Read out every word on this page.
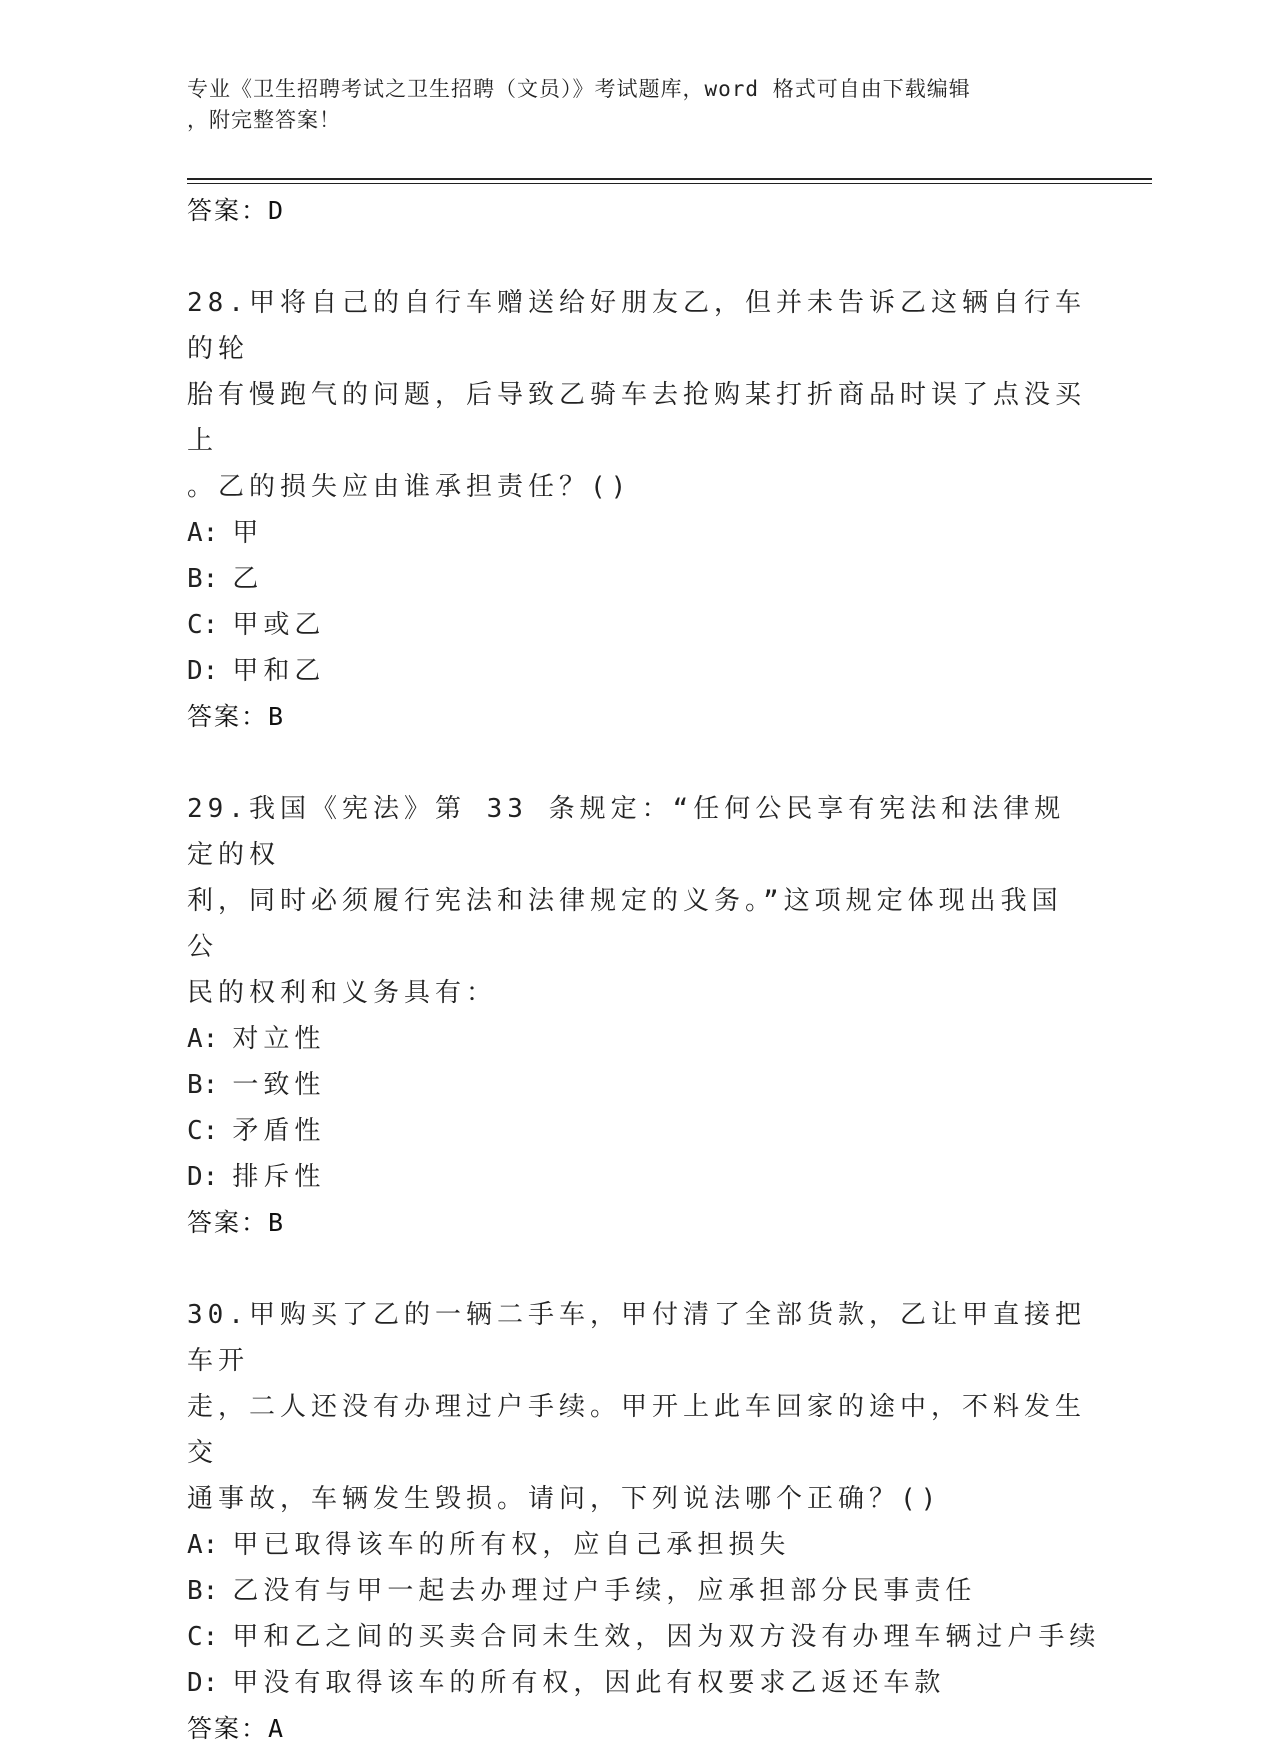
专业《卫生招聘考试之卫生招聘（文员）》考试题库，word 格式可自由下载编辑
，附完整答案！
答案：D
28.甲将自己的自行车赠送给好朋友乙，但并未告诉乙这辆自行车的轮
胎有慢跑气的问题，后导致乙骑车去抢购某打折商品时误了点没买上
。乙的损失应由谁承担责任？()
A: 甲
B: 乙
C: 甲或乙
D: 甲和乙
答案：B
29.我国《宪法》第 33 条规定：“任何公民享有宪法和法律规定的权
利，同时必须履行宪法和法律规定的义务。”这项规定体现出我国公
民的权利和义务具有：
A: 对立性
B: 一致性
C: 矛盾性
D: 排斥性
答案：B
30.甲购买了乙的一辆二手车，甲付清了全部货款，乙让甲直接把车开
走，二人还没有办理过户手续。甲开上此车回家的途中，不料发生交
通事故，车辆发生毁损。请问，下列说法哪个正确？()
A: 甲已取得该车的所有权，应自己承担损失
B: 乙没有与甲一起去办理过户手续，应承担部分民事责任
C: 甲和乙之间的买卖合同未生效，因为双方没有办理车辆过户手续
D: 甲没有取得该车的所有权，因此有权要求乙返还车款
答案：A
